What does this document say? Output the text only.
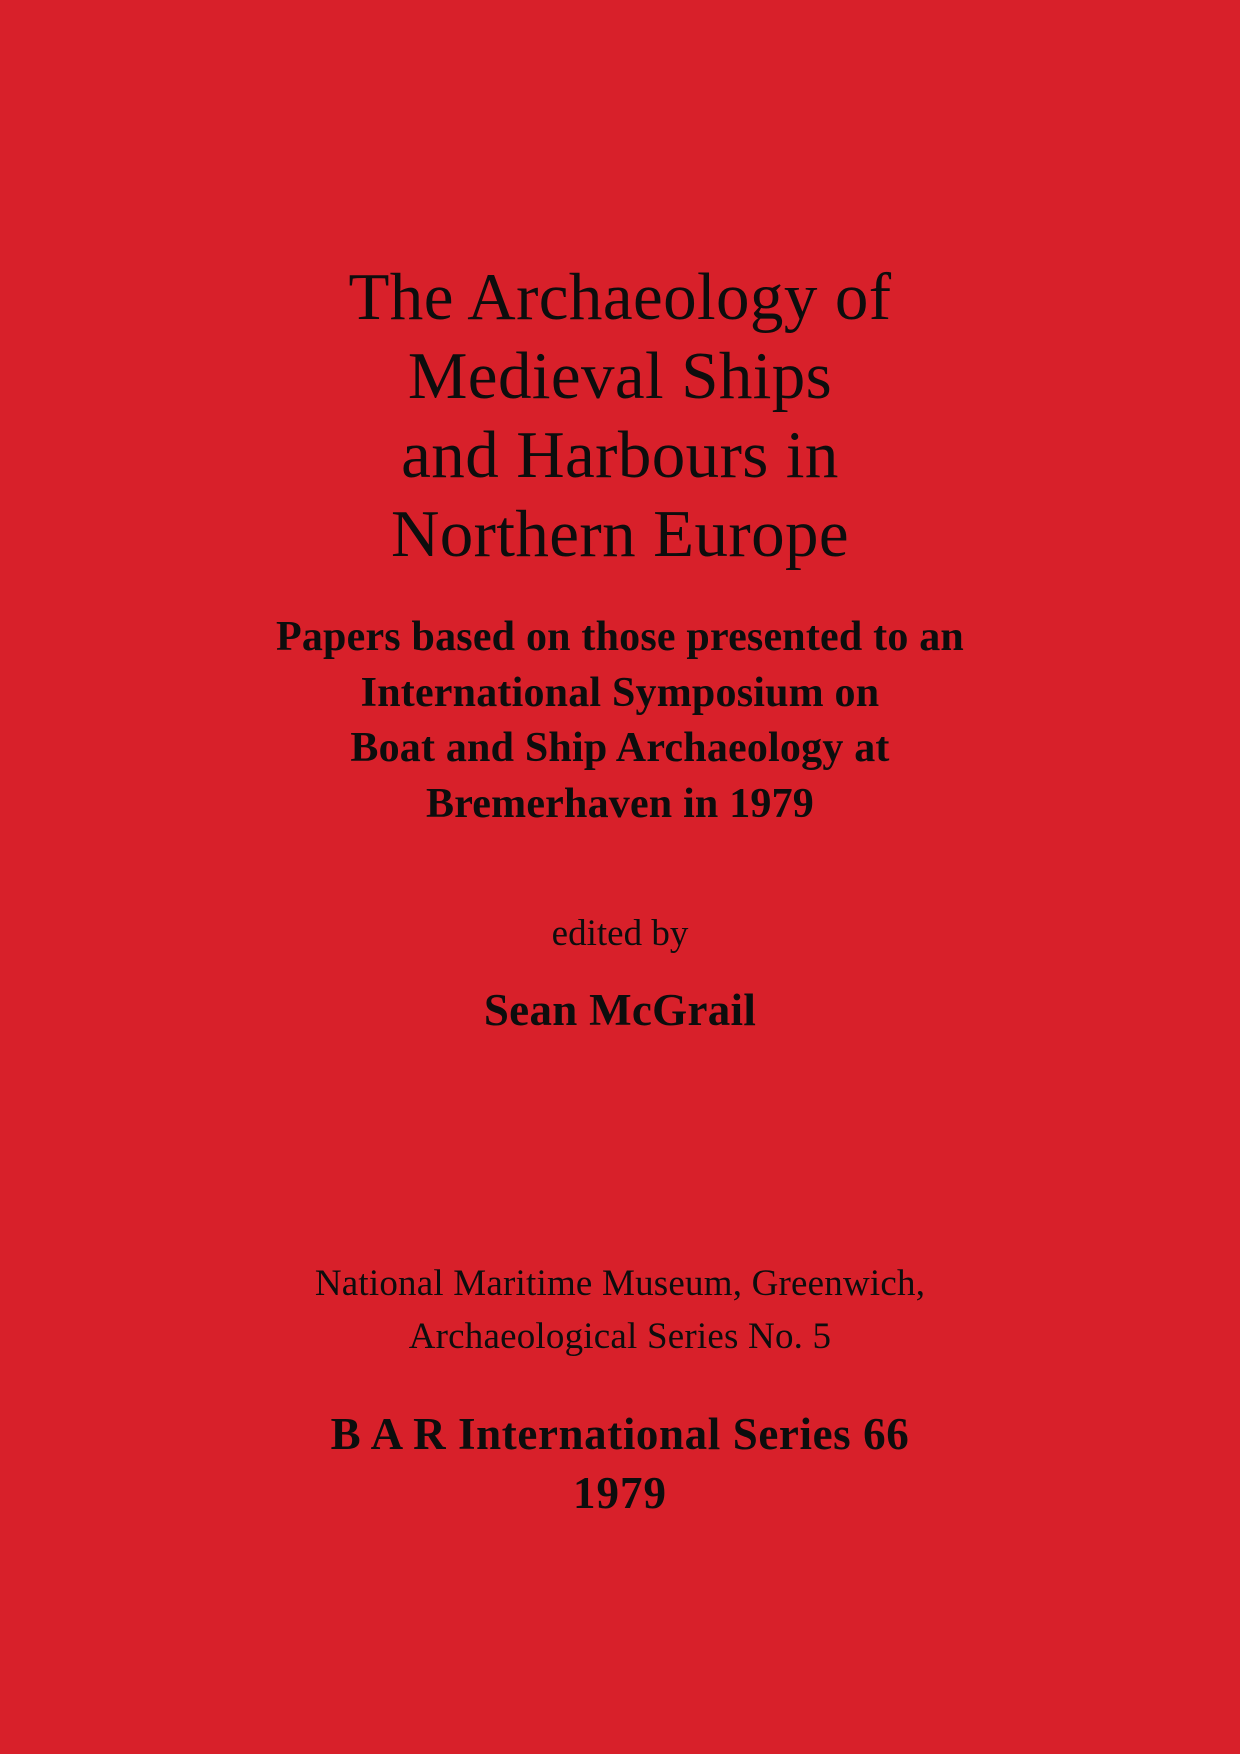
The Archaeology of
Medieval Ships
and Harbours in
Northern Europe
Papers based on those presented to an
International Symposium on
Boat and Ship Archaeology at
Bremerhaven in 1979
edited by
Sean McGrail
National Maritime Museum, Greenwich,
Archaeological Series No. 5
B A R International Series 66
1979
